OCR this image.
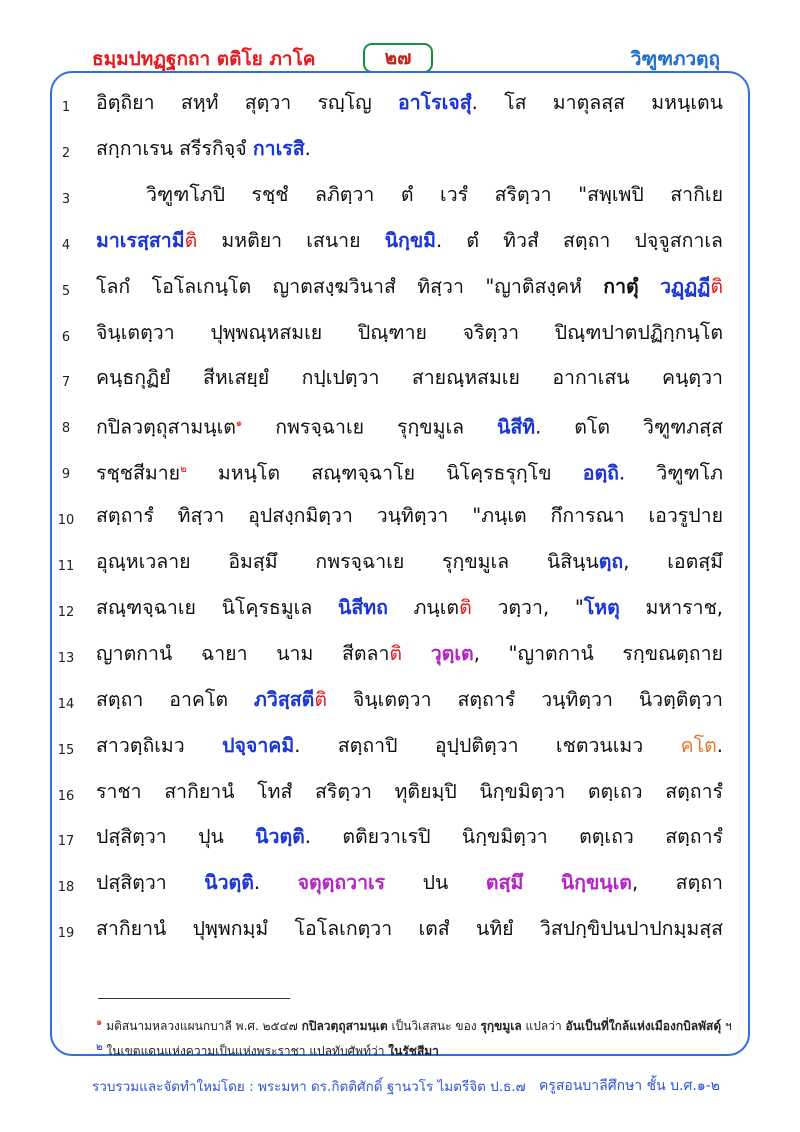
ธมฺมปทฏฺฐกถา ตติโย ภาโค	๒๗	วิฑูฑภวตฺถุ
1	อิตฺถิยา สหฺทํ สุตฺวา รญฺโญ อาโรเจสุํ. โส มาตุลสฺส มหนฺเตน
2	สกฺกาเรน สรีรกิจฺจํ กาเรสิ.
3	วิฑูฑโภปิ รชฺชํ ลภิตฺวา ตํ เวรํ สริตฺวา "สพฺเพปิ สากิเย
4	มาเรสฺสามีติ มหติยา เสนาย นิกฺขมิ. ตํ ทิวสํ สตฺถา ปจฺจูสกาเล
5	โลกํ โอโลเกนฺโต ญาตสงฺฆวินาสํ ทิสฺวา "ญาติสงฺคหํ กาตุํ วฏฺฏฏีติ
6	จินฺเตตฺวา ปุพฺพณฺหสมเย ปิณฺฑาย จริตฺวา ปิณฺฑปาตปฏิกฺกนฺโต
7	คนฺธกุฏิยํ สีหเสยฺยํ กปฺเปตฺวา สายณฺหสมเย อากาเสน คนฺตฺวา
8	กปิลวตฺถุสามนฺเต$^๑$ กพรจฺฉาเย รุกฺขมูเล นิสีทิ. ตโต วิฑูฑภสฺส
9	รชฺชสีมาย$^๒$ มหนฺโต สณฺฑจฺฉาโย นิโคฺรธรุกฺโข อตฺถิ. วิฑูฑโภ
10	สตฺถารํ ทิสฺวา อุปสงฺกมิตฺวา วนฺทิตฺวา "ภนฺเต กึการณา เอวรูปาย
11	อุณฺหเวลาย อิมสฺมึ กพรจฺฉาเย รุกฺขมูเล นิสินฺนตฺถ, เอตสฺมึ
12	สณฺฑจฺฉาเย นิโคฺรธมูเล นิสีทถ ภนฺเตติ วตฺวา, "โหตุ มหาราช,
13	ญาตกานํ ฉายา นาม สีตลาติ วุตฺเต, "ญาตกานํ รกฺขณตฺถาย
14	สตฺถา อาคโต ภวิสฺสตีติ จินฺเตตฺวา สตฺถารํ วนฺทิตฺวา นิวตฺติตฺวา
15	สาวตฺถิเมว ปจฺจาคมิ. สตฺถาปิ อุปฺปติตฺวา เชตวนเมว คโต.
16	ราชา สากิยานํ โทสํ สริตฺวา ทุติยมฺปิ นิกฺขมิตฺวา ตตฺเถว สตฺถารํ
17	ปสฺสิตฺวา ปุน นิวตฺติ. ตติยวาเรปิ นิกฺขมิตฺวา ตตฺเถว สตฺถารํ
18	ปสฺสิตฺวา นิวตฺติ. จตุตฺถวาเร ปน ตสฺมึ นิกฺขนฺเต, สตฺถา
19	สากิยานํ ปุพฺพกมฺมํ โอโลเกตฺวา เตสํ นทิยํ วิสปกฺขิปนปาปกมฺมสฺส
$^๑$ มติสนามหลวงแผนกบาลี พ.ศ. ๒๕๔๗ กปิลวตฺถุสามนฺเต เป็นวิเสสนะ ของ รุกฺขมูเล แปลว่า อันเป็นที่ใกล้แห่งเมืองกบิลพัสดุ์ ฯ
$^๒$ ในเขตแดนแห่งความเป็นแห่งพระราชา แปลทับศัพท์ว่า ในรัชสีมา
รวบรวมและจัดทำใหม่โดย : พระมหา ดร.กิตติศักดิ์ ฐานวโร ไมตรีจิต ป.ธ.๗ ครูสอนบาลีศึกษา ชั้น บ.ศ.๑-๒
